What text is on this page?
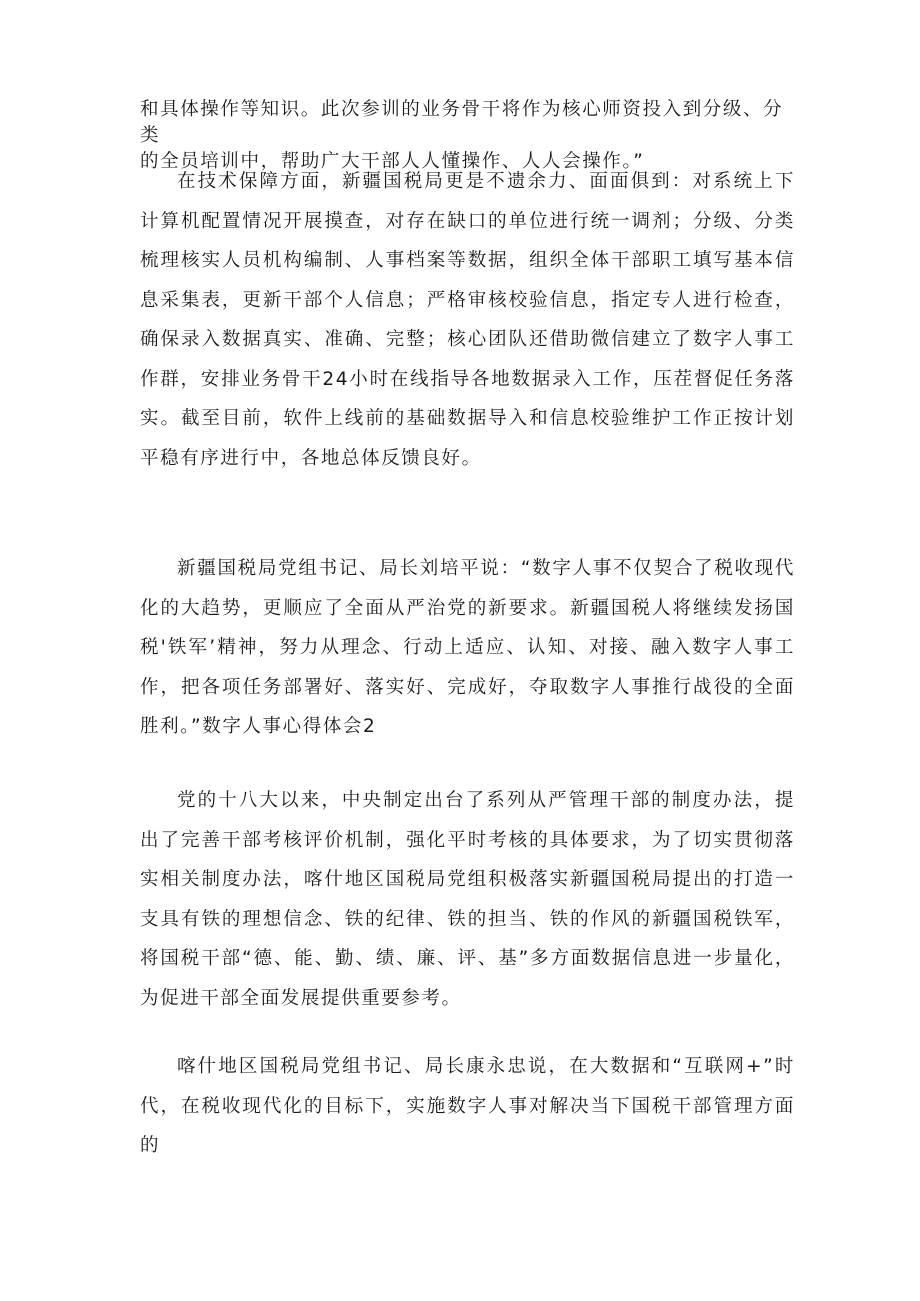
和具体操作等知识。此次参训的业务骨干将作为核心师资投入到分级、分类

的全员培训中，帮助广大干部人人懂操作、人人会操作。”

在技术保障方面，新疆国税局更是不遗余力、面面俱到：对系统上下计算机配置情况开展摸查，对存在缺口的单位进行统一调剂；分级、分类梳理核实人员机构编制、人事档案等数据，组织全体干部职工填写基本信息采集表，更新干部个人信息；严格审核校验信息，指定专人进行检查，确保录入数据真实、准确、完整；核心团队还借助微信建立了数字人事工作群，安排业务骨干24小时在线指导各地数据录入工作，压茬督促任务落实。截至目前，软件上线前的基础数据导入和信息校验维护工作正按计划平稳有序进行中，各地总体反馈良好。

新疆国税局党组书记、局长刘培平说：“数字人事不仅契合了税收现代化的大趋势，更顺应了全面从严治党的新要求。新疆国税人将继续发扬国税'铁军’精神，努力从理念、行动上适应、认知、对接、融入数字人事工作，把各项任务部署好、落实好、完成好，夺取数字人事推行战役的全面胜利。”数字人事心得体会2

党的十八大以来，中央制定出台了系列从严管理干部的制度办法，提出了完善干部考核评价机制，强化平时考核的具体要求，为了切实贯彻落实相关制度办法，喀什地区国税局党组积极落实新疆国税局提出的打造一支具有铁的理想信念、铁的纪律、铁的担当、铁的作风的新疆国税铁军，将国税干部“德、能、勤、绩、廉、评、基”多方面数据信息进一步量化，为促进干部全面发展提供重要参考。

喀什地区国税局党组书记、局长康永忠说，在大数据和“互联网+”时代，在税收现代化的目标下，实施数字人事对解决当下国税干部管理方面的
